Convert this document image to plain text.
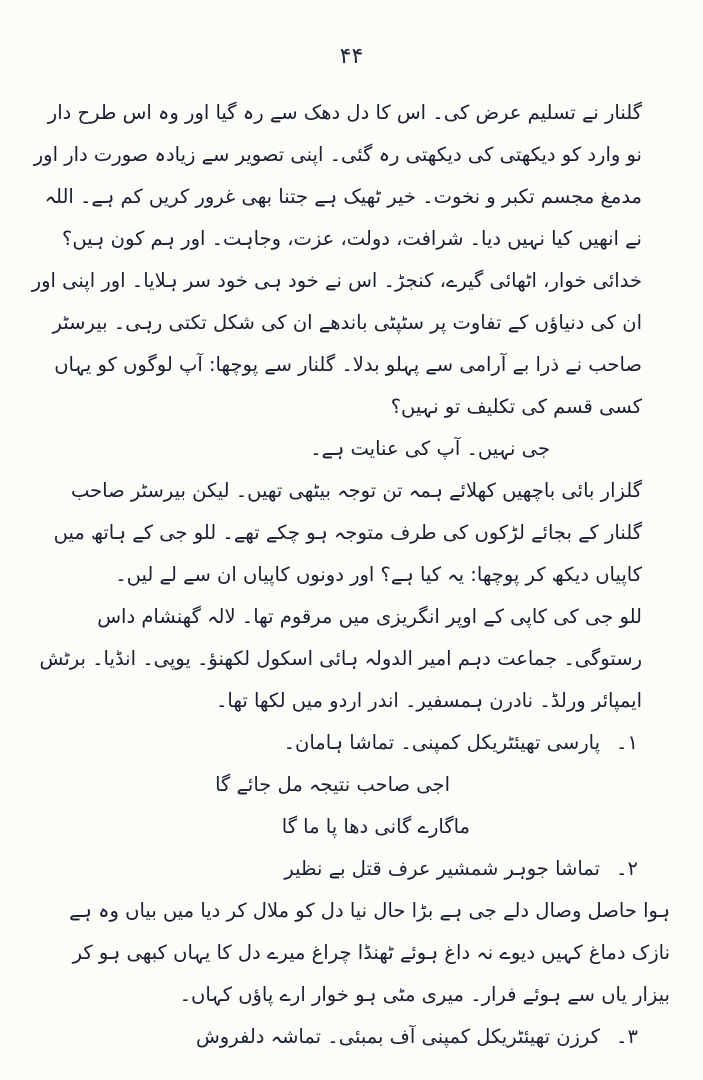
۴۴

گلنار نے تسلیم عرض کی۔ اس کا دل دھک سے رہ گیا اور وہ اس طرح دار نو وارد کو دیکھتی کی دیکھتی رہ گئی۔ اپنی تصویر سے زیادہ صورت دار اور مدمغ مجسم تکبر و نخوت۔ خیر ٹھیک ہے جتنا بھی غرور کریں کم ہے۔ اللہ نے انھیں کیا نہیں دیا۔ شرافت، دولت، عزت، وجاہت۔ اور ہم کون ہیں؟ خدائی خوار، اٹھائی گیرے، کنجڑ۔ اس نے خود ہی خود سر ہلایا۔ اور اپنی اور ان کی دنیاؤں کے تفاوت پر سٹپٹی باندھے ان کی شکل تکتی رہی۔ بیرسٹر صاحب نے ذرا بے آرامی سے پہلو بدلا۔ گلنار سے پوچھا: آپ لوگوں کو یہاں کسی قسم کی تکلیف تو نہیں؟

جی نہیں۔ آپ کی عنایت ہے۔

گلزار بائی باچھیں کھلائے ہمہ تن توجہ بیٹھی تھیں۔ لیکن بیرسٹر صاحب گلنار کے بجائے لڑکوں کی طرف متوجہ ہو چکے تھے۔ للو جی کے ہاتھ میں کاپیاں دیکھ کر پوچھا: یہ کیا ہے؟ اور دونوں کاپیاں ان سے لے لیں۔

للو جی کی کاپی کے اوپر انگریزی میں مرقوم تھا۔ لالہ گھنشام داس رستوگی۔ جماعت دہم امیر الدولہ ہائی اسکول لکھنؤ۔ یوپی۔ انڈیا۔ برٹش ایمپائر ورلڈ۔ نادرن ہمسفیر۔ اندر اردو میں لکھا تھا۔

۱۔
پارسی تھیئٹریکل کمپنی۔ تماشا ہامان۔

اجی صاحب نتیجہ مل جائے گا

ماگارے گانی دھا پا ما گا

۲۔
تماشا جوہر شمشیر عرف قتل بے نظیر

ہوا حاصل وصال دلے جی ہے بڑا حال نیا دل کو ملال کر دیا میں بیاں وہ ہے نازک دماغ کہیں دیوے نہ داغ ہوئے ٹھنڈا چراغ میرے دل کا یہاں کبھی ہو کر بیزار یاں سے ہوئے فرار۔ میری مٹی ہو خوار ارے پاؤں کہاں۔

۳۔
کرزن تھیئٹریکل کمپنی آف بمبئی۔ تماشہ دلفروش
